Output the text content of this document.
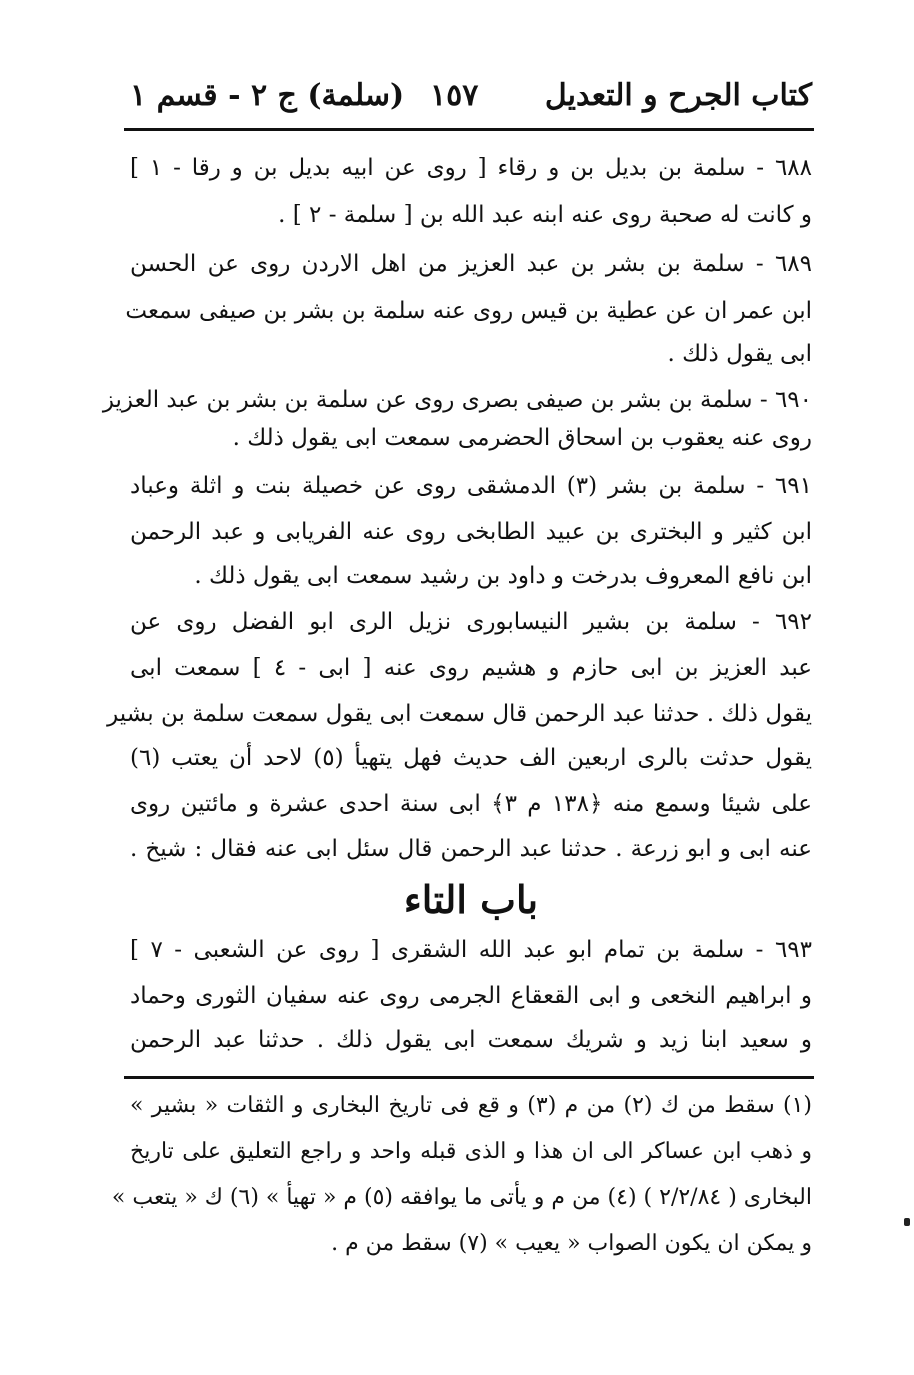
كتاب الجرح و التعديل
١٥٧
(سلمة) ج ٢ - قسم ١
٦٨٨ - سلمة بن بديل بن و رقاء [ روى عن ابيه بديل بن و رقا - ١ ]
و كانت له صحبة روى عنه ابنه عبد الله بن [ سلمة - ٢ ] .
٦٨٩ - سلمة بن بشر بن عبد العزيز من اهل الاردن روى عن الحسن
ابن عمر ان عن عطية بن قيس روى عنه سلمة بن بشر بن صيفى سمعت
ابى يقول ذلك .
٦٩٠ - سلمة بن بشر بن صيفى بصرى روى عن سلمة بن بشر بن عبد العزيز
روى عنه يعقوب بن اسحاق الحضرمى سمعت ابى يقول ذلك .
٦٩١ - سلمة بن بشر (٣) الدمشقى روى عن خصيلة بنت و اثلة وعباد
ابن كثير و البخترى بن عبيد الطابخى روى عنه الفريابى و عبد الرحمن
ابن نافع المعروف بدرخت و داود بن رشيد سمعت ابى يقول ذلك .
٦٩٢ - سلمة بن بشير النيسابورى نزيل الرى ابو الفضل روى عن
عبد العزيز بن ابى حازم و هشيم روى عنه [ ابى - ٤ ] سمعت ابى
يقول ذلك . حدثنا عبد الرحمن قال سمعت ابى يقول سمعت سلمة بن بشير
يقول حدثت بالرى اربعين الف حديث فهل يتهيأ (٥) لاحد أن يعتب (٦)
على شيئا وسمع منه ﴿١٣٨ م ٣﴾ ابى سنة احدى عشرة و مائتين روى
عنه ابى و ابو زرعة . حدثنا عبد الرحمن قال سئل ابى عنه فقال : شيخ .
باب التاء
٦٩٣ - سلمة بن تمام ابو عبد الله الشقرى [ روى عن الشعبى - ٧ ]
و ابراهيم النخعى و ابى القعقاع الجرمى روى عنه سفيان الثورى وحماد
و سعيد ابنا زيد و شريك سمعت ابى يقول ذلك . حدثنا عبد الرحمن
(١) سقط من ك (٢) من م (٣) و قع فى تاريخ البخارى و الثقات « بشير »
و ذهب ابن عساكر الى ان هذا و الذى قبله واحد و راجع التعليق على تاريخ
البخارى ( ٢/٢/٨٤ ) (٤) من م و يأتى ما يوافقه (٥) م « تهيأ » (٦) ك « يتعب »
و يمكن ان يكون الصواب « يعيب » (٧) سقط من م .
